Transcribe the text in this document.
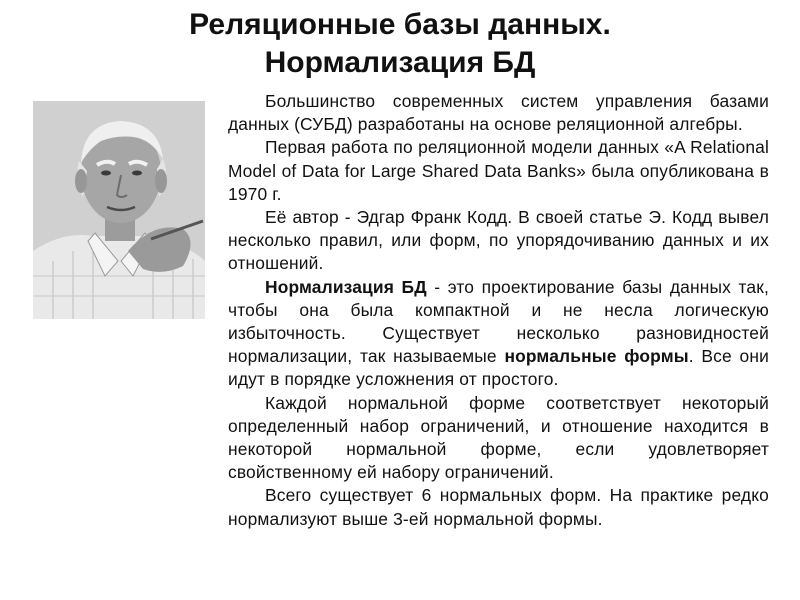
Реляционные базы данных.
Нормализация БД

Большинство современных систем управления базами данных (СУБД) разработаны на основе реляционной алгебры.

Первая работа по реляционной модели данных «A Relational Model of Data for Large Shared Data Banks» была опубликована в 1970 г.

Её автор - Эдгар Франк Кодд. В своей статье Э. Кодд вывел несколько правил, или форм, по упорядочиванию данных и их отношений.

Нормализация БД - это проектирование базы данных так, чтобы она была компактной и не несла логическую избыточность. Существует несколько разновидностей нормализации, так называемые нормальные формы. Все они идут в порядке усложнения от простого.

Каждой нормальной форме соответствует некоторый определенный набор ограничений, и отношение находится в некоторой нормальной форме, если удовлетворяет свойственному ей набору ограничений.

Всего существует 6 нормальных форм. На практике редко нормализуют выше 3-ей нормальной формы.
